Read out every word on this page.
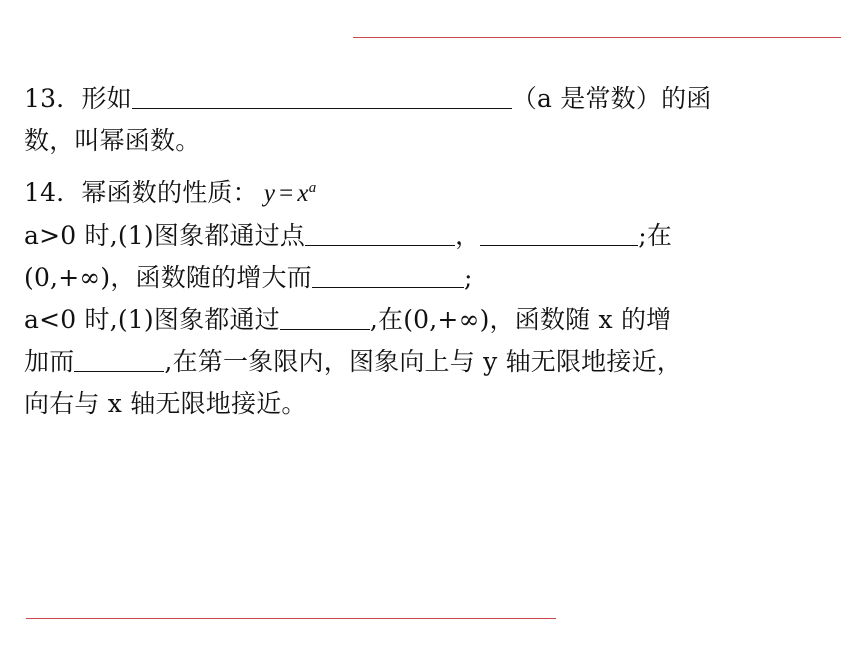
13．形如	（a 是常数）的函
数，叫幂函数。
14．幂函数的性质： $y = x^a$
a>0 时,(1)图象都通过点	，	;在
(0,+∞)，函数随的增大而	;
a<0 时,(1)图象都通过	,在(0,+∞)，函数随 x 的增
加而	,在第一象限内，图象向上与 y 轴无限地接近，
向右与 x 轴无限地接近。
